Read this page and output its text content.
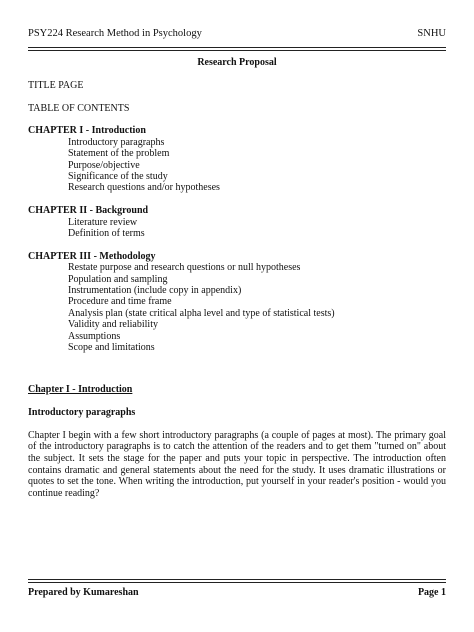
PSY224 Research Method in Psychology	SNHU
Research Proposal
TITLE PAGE
TABLE OF CONTENTS
CHAPTER I - Introduction
Introductory paragraphs
Statement of the problem
Purpose/objective
Significance of the study
Research questions and/or hypotheses
CHAPTER II - Background
Literature review
Definition of terms
CHAPTER III - Methodology
Restate purpose and research questions or null hypotheses
Population and sampling
Instrumentation (include copy in appendix)
Procedure and time frame
Analysis plan (state critical alpha level and type of statistical tests)
Validity and reliability
Assumptions
Scope and limitations
Chapter I - Introduction
Introductory paragraphs

Chapter I begin with a few short introductory paragraphs (a couple of pages at most). The primary goal of the introductory paragraphs is to catch the attention of the readers and to get them "turned on" about the subject. It sets the stage for the paper and puts your topic in perspective. The introduction often contains dramatic and general statements about the need for the study. It uses dramatic illustrations or quotes to set the tone. When writing the introduction, put yourself in your reader's position - would you continue reading?

Prepared by Kumareshan	Page 1
